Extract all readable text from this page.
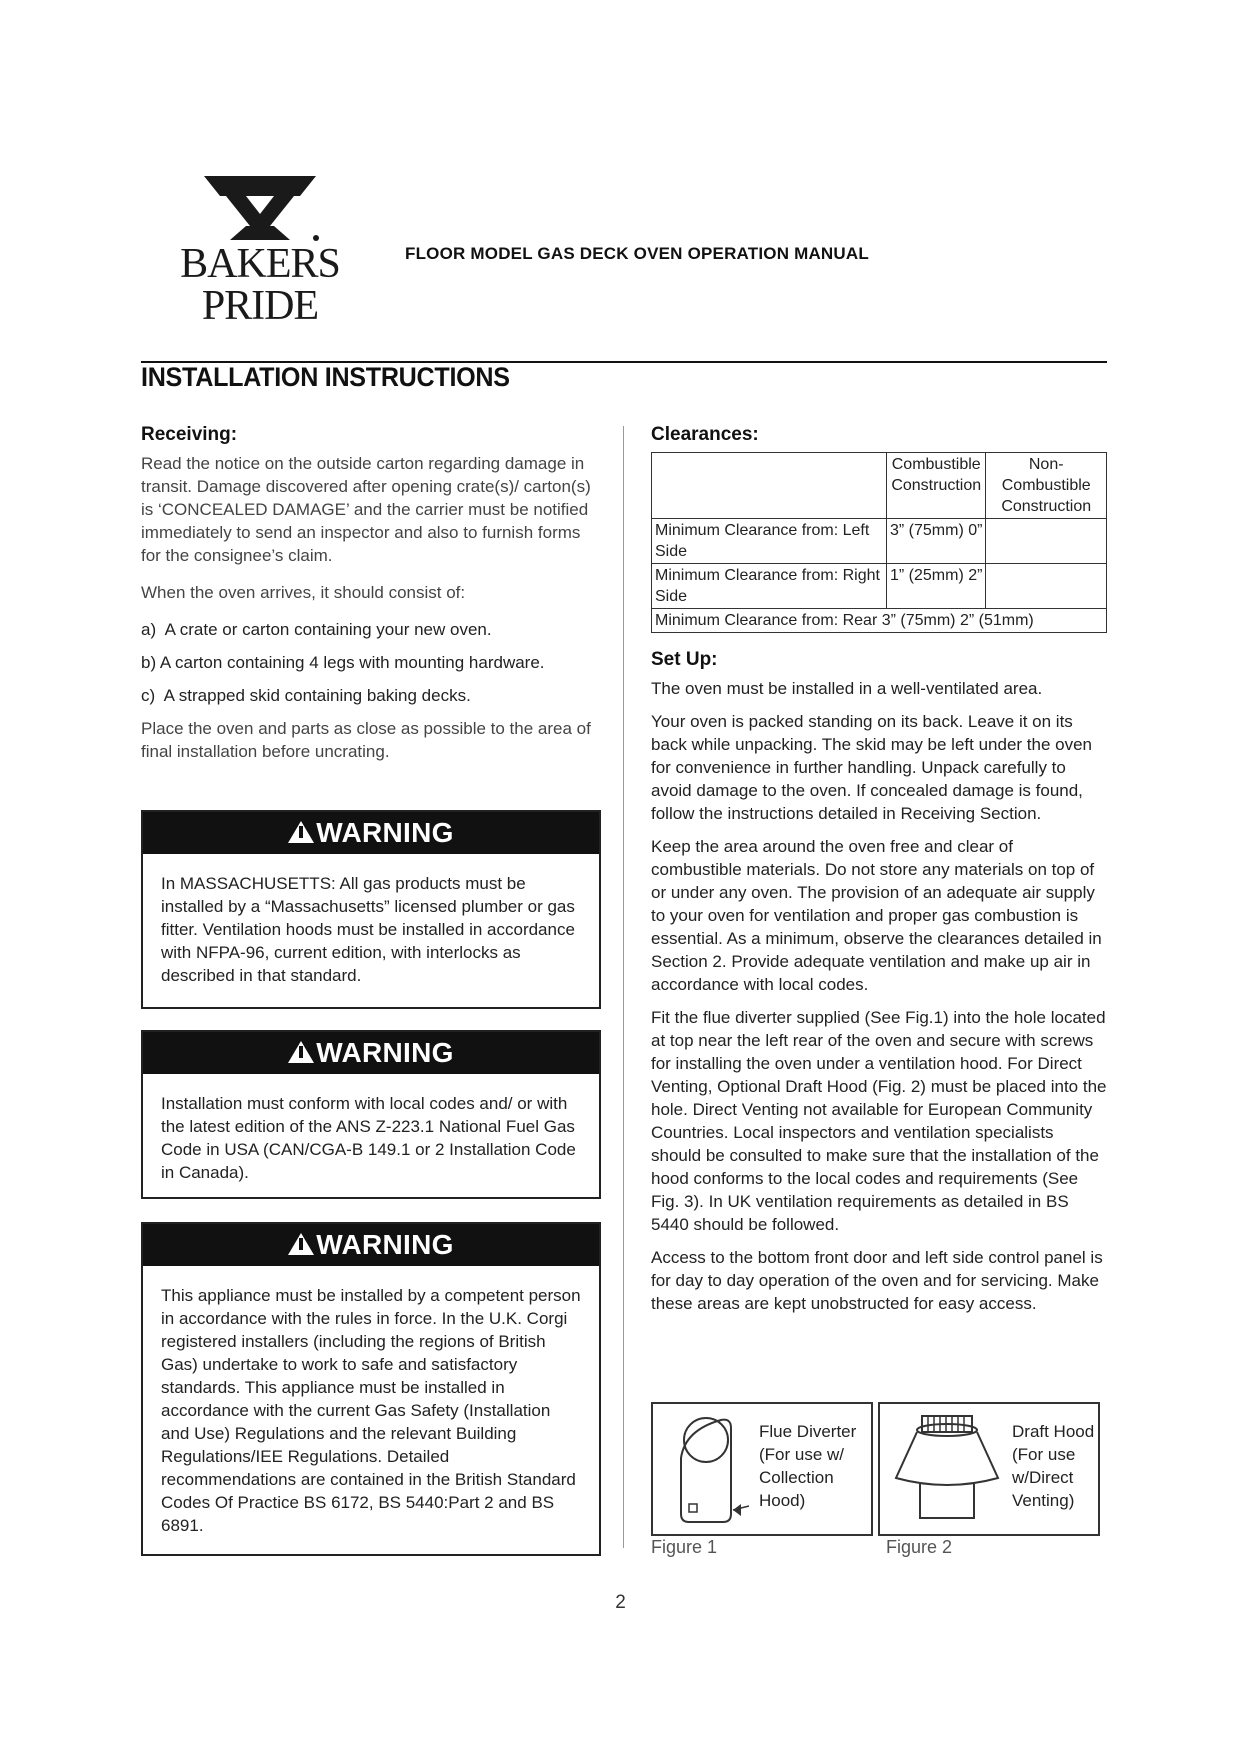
BAKERS
PRIDE
FLOOR MODEL GAS DECK OVEN OPERATION MANUAL
INSTALLATION INSTRUCTIONS
Receiving:

Read the notice on the outside carton regarding damage in transit. Damage discovered after opening crate(s)/ carton(s) is ‘CONCEALED DAMAGE’ and the carrier must be notified immediately to send an inspector and also to furnish forms for the consignee’s claim.

When the oven arrives, it should consist of:

a)  A crate or carton containing your new oven.

b) A carton containing 4 legs with mounting hardware.

c)  A strapped skid containing baking decks.

Place the oven and parts as close as possible to the area of final installation before uncrating.

WARNING
In MASSACHUSETTS: All gas products must be installed by a “Massachusetts” licensed plumber or gas fitter. Ventilation hoods must be installed in accordance with NFPA-96, current edition, with interlocks as described in that standard.
WARNING
Installation must conform with local codes and/ or with the latest edition of the ANS Z-223.1 National Fuel Gas Code in USA (CAN/CGA-B 149.1 or 2 Installation Code in Canada).
WARNING
This appliance must be installed by a competent person in accordance with the rules in force. In the U.K. Corgi registered installers (including the regions of British Gas) undertake to work to safe and satisfactory standards. This appliance must be installed in accordance with the current Gas Safety (Installation and Use) Regulations and the relevant Building Regulations/IEE Regulations. Detailed recommendations are contained in the British Standard Codes Of Practice BS 6172, BS 5440:Part 2 and BS 6891.
Clearances:
	Combustible Construction	Non-Combustible Construction
Minimum Clearance from: Left Side	3” (75mm) 0”	
Minimum Clearance from: Right Side	1” (25mm) 2”	
Minimum Clearance from: Rear 3” (75mm) 2” (51mm)		
Set Up:

The oven must be installed in a well-ventilated area.

Your oven is packed standing on its back. Leave it on its back while unpacking. The skid may be left under the oven for convenience in further handling. Unpack carefully to avoid damage to the oven. If concealed damage is found, follow the instructions detailed in Receiving Section.

Keep the area around the oven free and clear of combustible materials. Do not store any materials on top of or under any oven. The provision of an adequate air supply to your oven for ventilation and proper gas combustion is essential. As a minimum, observe the clearances detailed in Section 2. Provide adequate ventilation and make up air in accordance with local codes.

Fit the flue diverter supplied (See Fig.1) into the hole located at top near the left rear of the oven and secure with screws for installing the oven under a ventilation hood. For Direct Venting, Optional Draft Hood (Fig. 2) must be placed into the hole. Direct Venting not available for European Community Countries. Local inspectors and ventilation specialists should be consulted to make sure that the installation of the hood conforms to the local codes and requirements (See Fig. 3). In UK ventilation requirements as detailed in BS 5440 should be followed.

Access to the bottom front door and left side control panel is for day to day operation of the oven and for servicing. Make these areas are kept unobstructed for easy access.

Flue Diverter
(For use w/
Collection
Hood)
Figure 1
Draft Hood
(For use
w/Direct
Venting)
Figure 2
2
